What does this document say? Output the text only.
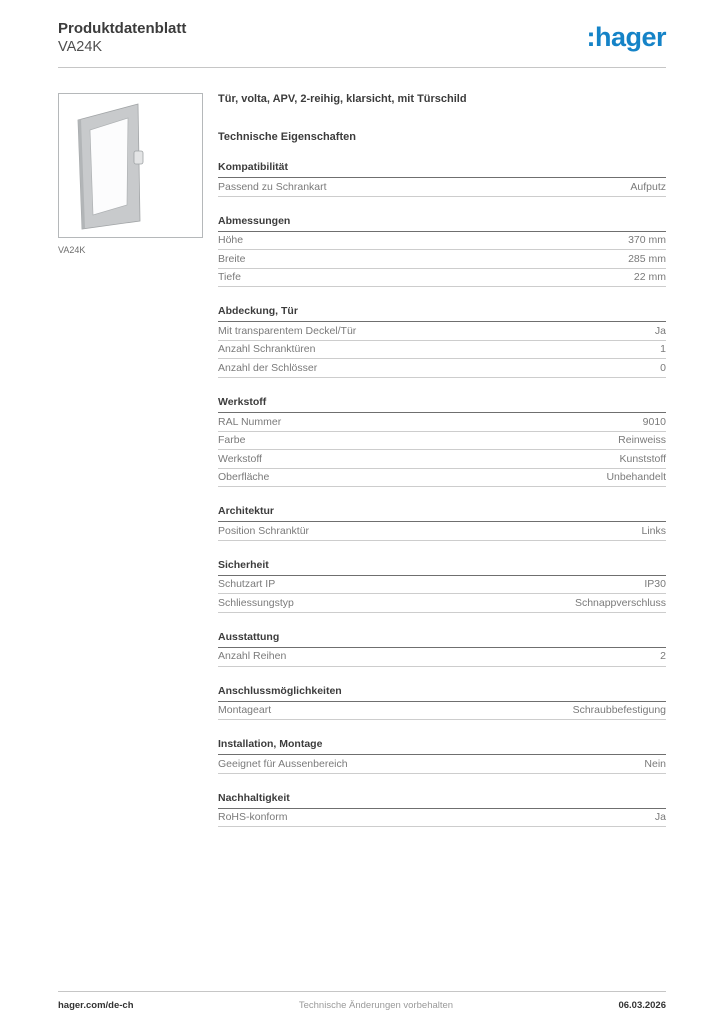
Produktdatenblatt
VA24K	:hager
VA24K
Tür, volta, APV, 2-reihig, klarsicht, mit Türschild
Technische Eigenschaften
Kompatibilität
Passend zu Schrankart	Aufputz
Abmessungen
Höhe	370 mm
Breite	285 mm
Tiefe	22 mm
Abdeckung, Tür
Mit transparentem Deckel/Tür	Ja
Anzahl Schranktüren	1
Anzahl der Schlösser	0
Werkstoff
RAL Nummer	9010
Farbe	Reinweiss
Werkstoff	Kunststoff
Oberfläche	Unbehandelt
Architektur
Position Schranktür	Links
Sicherheit
Schutzart IP	IP30
Schliessungstyp	Schnappverschluss
Ausstattung
Anzahl Reihen	2
Anschlussmöglichkeiten
Montageart	Schraubbefestigung
Installation, Montage
Geeignet für Aussenbereich	Nein
Nachhaltigkeit
RoHS-konform	Ja
hager.com/de-ch	Technische Änderungen vorbehalten	06.03.2026
